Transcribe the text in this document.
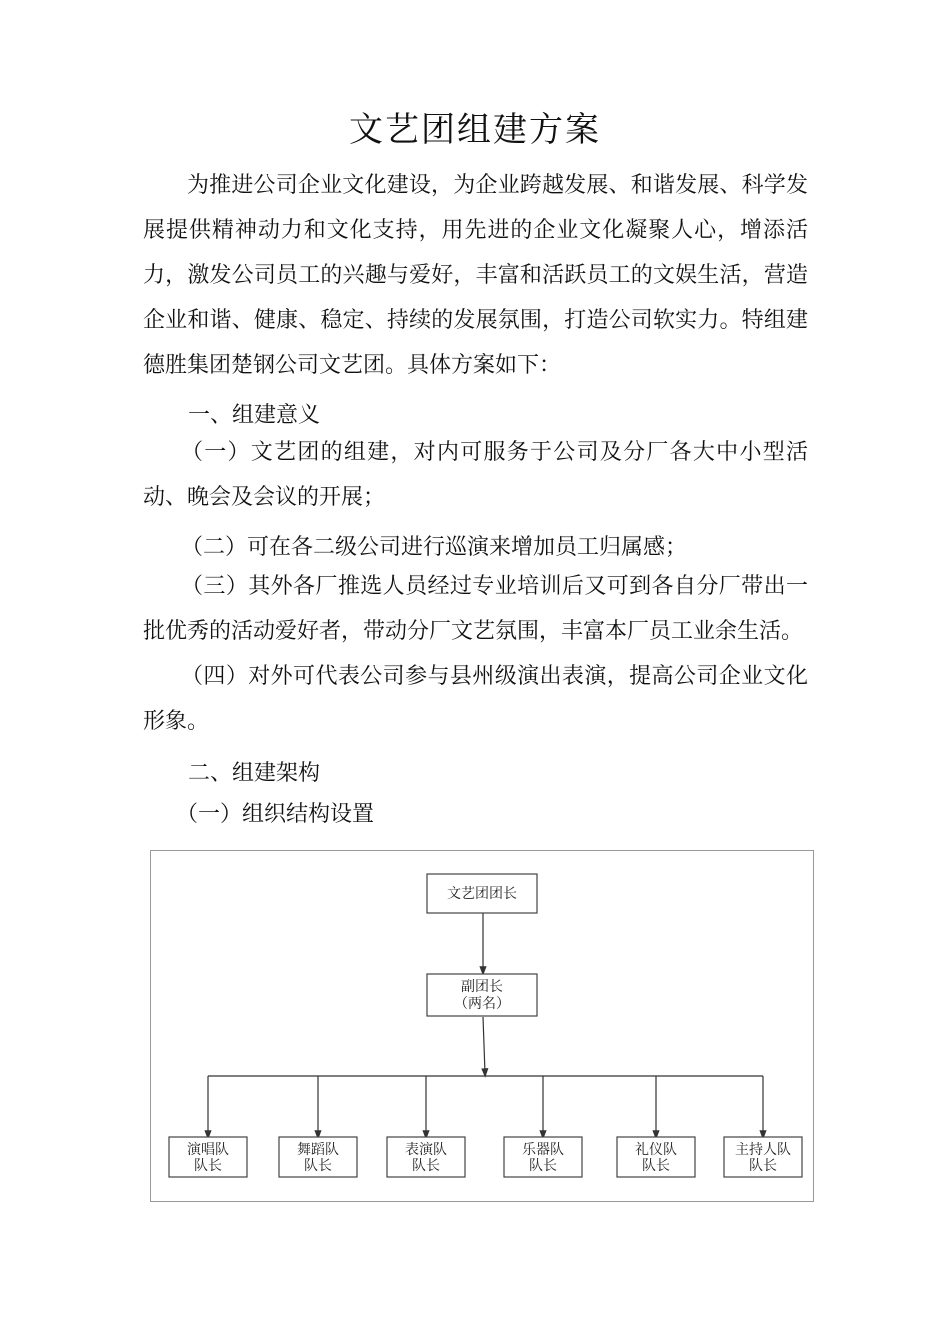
文艺团组建方案

为推进公司企业文化建设，为企业跨越发展、和谐发展、科学发展提供精神动力和文化支持，用先进的企业文化凝聚人心，增添活力，激发公司员工的兴趣与爱好，丰富和活跃员工的文娱生活，营造企业和谐、健康、稳定、持续的发展氛围，打造公司软实力。特组建德胜集团楚钢公司文艺团。具体方案如下：

一、组建意义

（一）文艺团的组建，对内可服务于公司及分厂各大中小型活动、晚会及会议的开展；

（二）可在各二级公司进行巡演来增加员工归属感；

（三）其外各厂推选人员经过专业培训后又可到各自分厂带出一批优秀的活动爱好者，带动分厂文艺氛围，丰富本厂员工业余生活。

（四）对外可代表公司参与县州级演出表演，提高公司企业文化形象。

二、组建架构
（一）组织结构设置
文艺团团长
副团长
（两名）
演唱队
队长
舞蹈队
队长
表演队
队长
乐器队
队长
礼仪队
队长
主持人队
队长
